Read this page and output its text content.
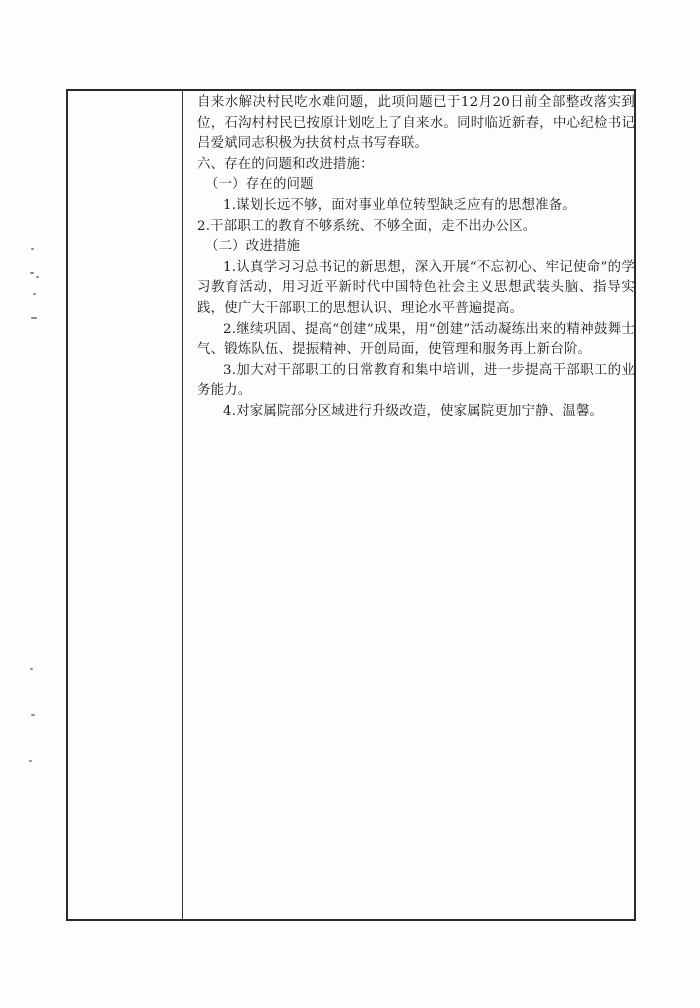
自来水解决村民吃水难问题，此项问题已于12月20日前全部整改落实到位，石沟村村民已按原计划吃上了自来水。同时临近新春，中心纪检书记吕爱斌同志积极为扶贫村点书写春联。

六、存在的问题和改进措施：

（一）存在的问题

1.谋划长远不够，面对事业单位转型缺乏应有的思想准备。

2.干部职工的教育不够系统、不够全面，走不出办公区。

（二）改进措施

1.认真学习习总书记的新思想，深入开展“不忘初心、牢记使命”的学习教育活动，用习近平新时代中国特色社会主义思想武装头脑、指导实践，使广大干部职工的思想认识、理论水平普遍提高。

2.继续巩固、提高“创建”成果，用“创建”活动凝练出来的精神鼓舞士气、锻炼队伍、提振精神、开创局面，使管理和服务再上新台阶。

3.加大对干部职工的日常教育和集中培训，进一步提高干部职工的业务能力。

4.对家属院部分区域进行升级改造，使家属院更加宁静、温馨。
